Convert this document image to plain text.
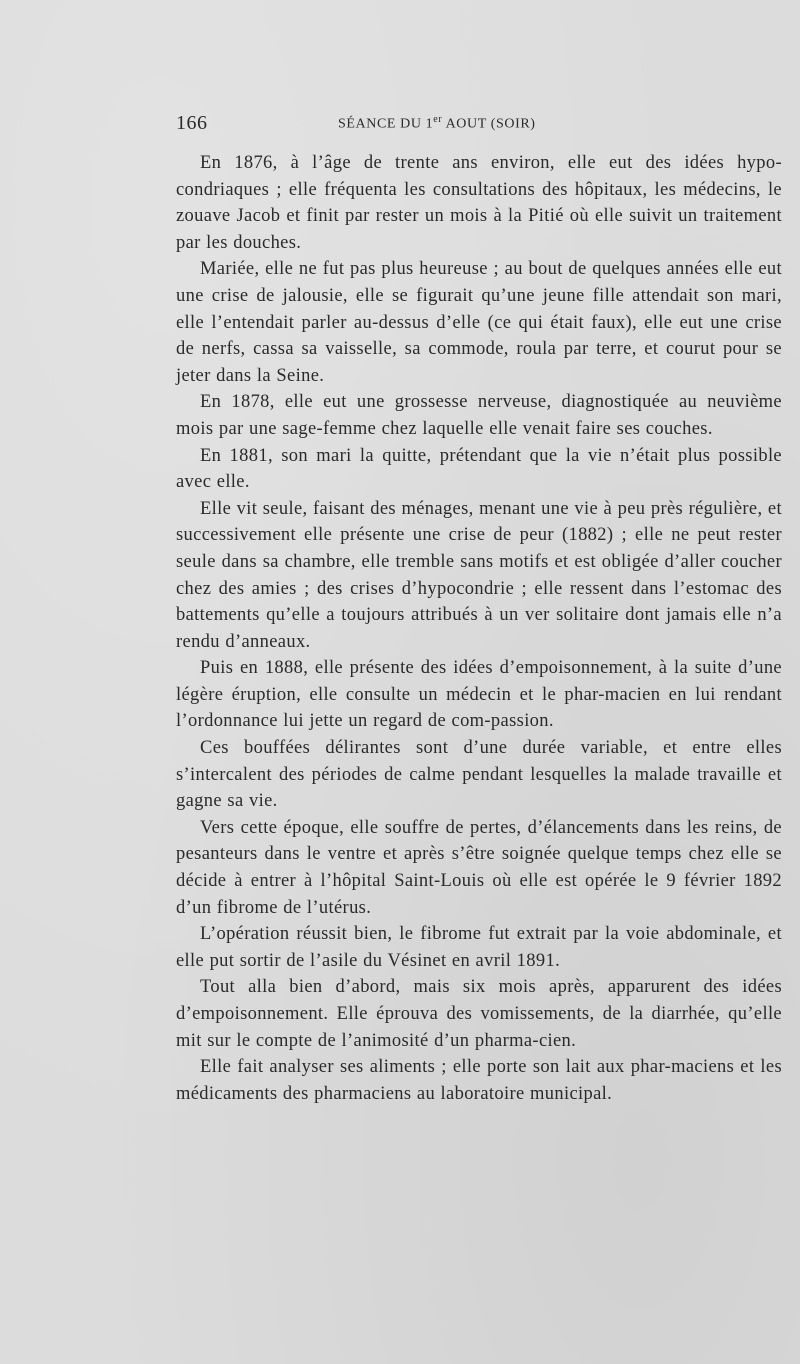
166	SÉANCE DU 1er AOUT (SOIR)

En 1876, à l’âge de trente ans environ, elle eut des idées hypo-condriaques ; elle fréquenta les consultations des hôpitaux, les médecins, le zouave Jacob et finit par rester un mois à la Pitié où elle suivit un traitement par les douches.

Mariée, elle ne fut pas plus heureuse ; au bout de quelques années elle eut une crise de jalousie, elle se figurait qu’une jeune fille attendait son mari, elle l’entendait parler au-dessus d’elle (ce qui était faux), elle eut une crise de nerfs, cassa sa vaisselle, sa commode, roula par terre, et courut pour se jeter dans la Seine.

En 1878, elle eut une grossesse nerveuse, diagnostiquée au neuvième mois par une sage-femme chez laquelle elle venait faire ses couches.

En 1881, son mari la quitte, prétendant que la vie n’était plus possible avec elle.

Elle vit seule, faisant des ménages, menant une vie à peu près régulière, et successivement elle présente une crise de peur (1882) ; elle ne peut rester seule dans sa chambre, elle tremble sans motifs et est obligée d’aller coucher chez des amies ; des crises d’hypocondrie ; elle ressent dans l’estomac des battements qu’elle a toujours attribués à un ver solitaire dont jamais elle n’a rendu d’anneaux.

Puis en 1888, elle présente des idées d’empoisonnement, à la suite d’une légère éruption, elle consulte un médecin et le phar-macien en lui rendant l’ordonnance lui jette un regard de com-passion.

Ces bouffées délirantes sont d’une durée variable, et entre elles s’intercalent des périodes de calme pendant lesquelles la malade travaille et gagne sa vie.

Vers cette époque, elle souffre de pertes, d’élancements dans les reins, de pesanteurs dans le ventre et après s’être soignée quelque temps chez elle se décide à entrer à l’hôpital Saint-Louis où elle est opérée le 9 février 1892 d’un fibrome de l’utérus.

L’opération réussit bien, le fibrome fut extrait par la voie abdominale, et elle put sortir de l’asile du Vésinet en avril 1891.

Tout alla bien d’abord, mais six mois après, apparurent des idées d’empoisonnement. Elle éprouva des vomissements, de la diarrhée, qu’elle mit sur le compte de l’animosité d’un pharma-cien.

Elle fait analyser ses aliments ; elle porte son lait aux phar-maciens et les médicaments des pharmaciens au laboratoire municipal.
